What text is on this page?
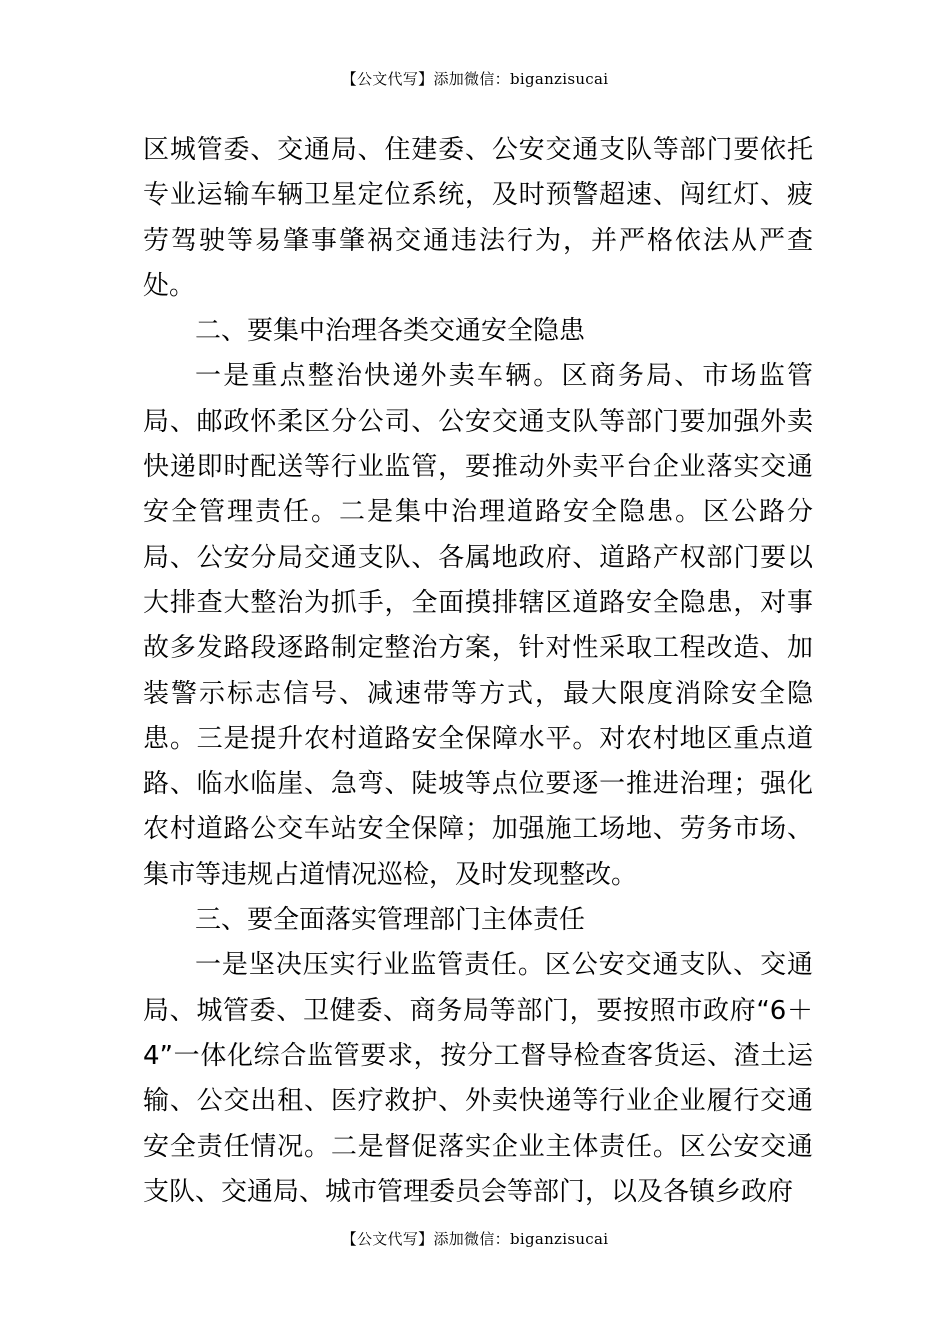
【公文代写】添加微信：biganzisucai

区城管委、交通局、住建委、公安交通支队等部门要依托专业运输车辆卫星定位系统，及时预警超速、闯红灯、疲劳驾驶等易肇事肇祸交通违法行为，并严格依法从严查处。

二、要集中治理各类交通安全隐患

一是重点整治快递外卖车辆。区商务局、市场监管局、邮政怀柔区分公司、公安交通支队等部门要加强外卖快递即时配送等行业监管，要推动外卖平台企业落实交通安全管理责任。二是集中治理道路安全隐患。区公路分局、公安分局交通支队、各属地政府、道路产权部门要以大排查大整治为抓手，全面摸排辖区道路安全隐患，对事故多发路段逐路制定整治方案，针对性采取工程改造、加装警示标志信号、减速带等方式，最大限度消除安全隐患。三是提升农村道路安全保障水平。对农村地区重点道路、临水临崖、急弯、陡坡等点位要逐一推进治理；强化农村道路公交车站安全保障；加强施工场地、劳务市场、集市等违规占道情况巡检，及时发现整改。

三、要全面落实管理部门主体责任

一是坚决压实行业监管责任。区公安交通支队、交通局、城管委、卫健委、商务局等部门，要按照市政府“6＋4”一体化综合监管要求，按分工督导检查客货运、渣土运输、公交出租、医疗救护、外卖快递等行业企业履行交通安全责任情况。二是督促落实企业主体责任。区公安交通支队、交通局、城市管理委员会等部门，以及各镇乡政府

【公文代写】添加微信：biganzisucai
